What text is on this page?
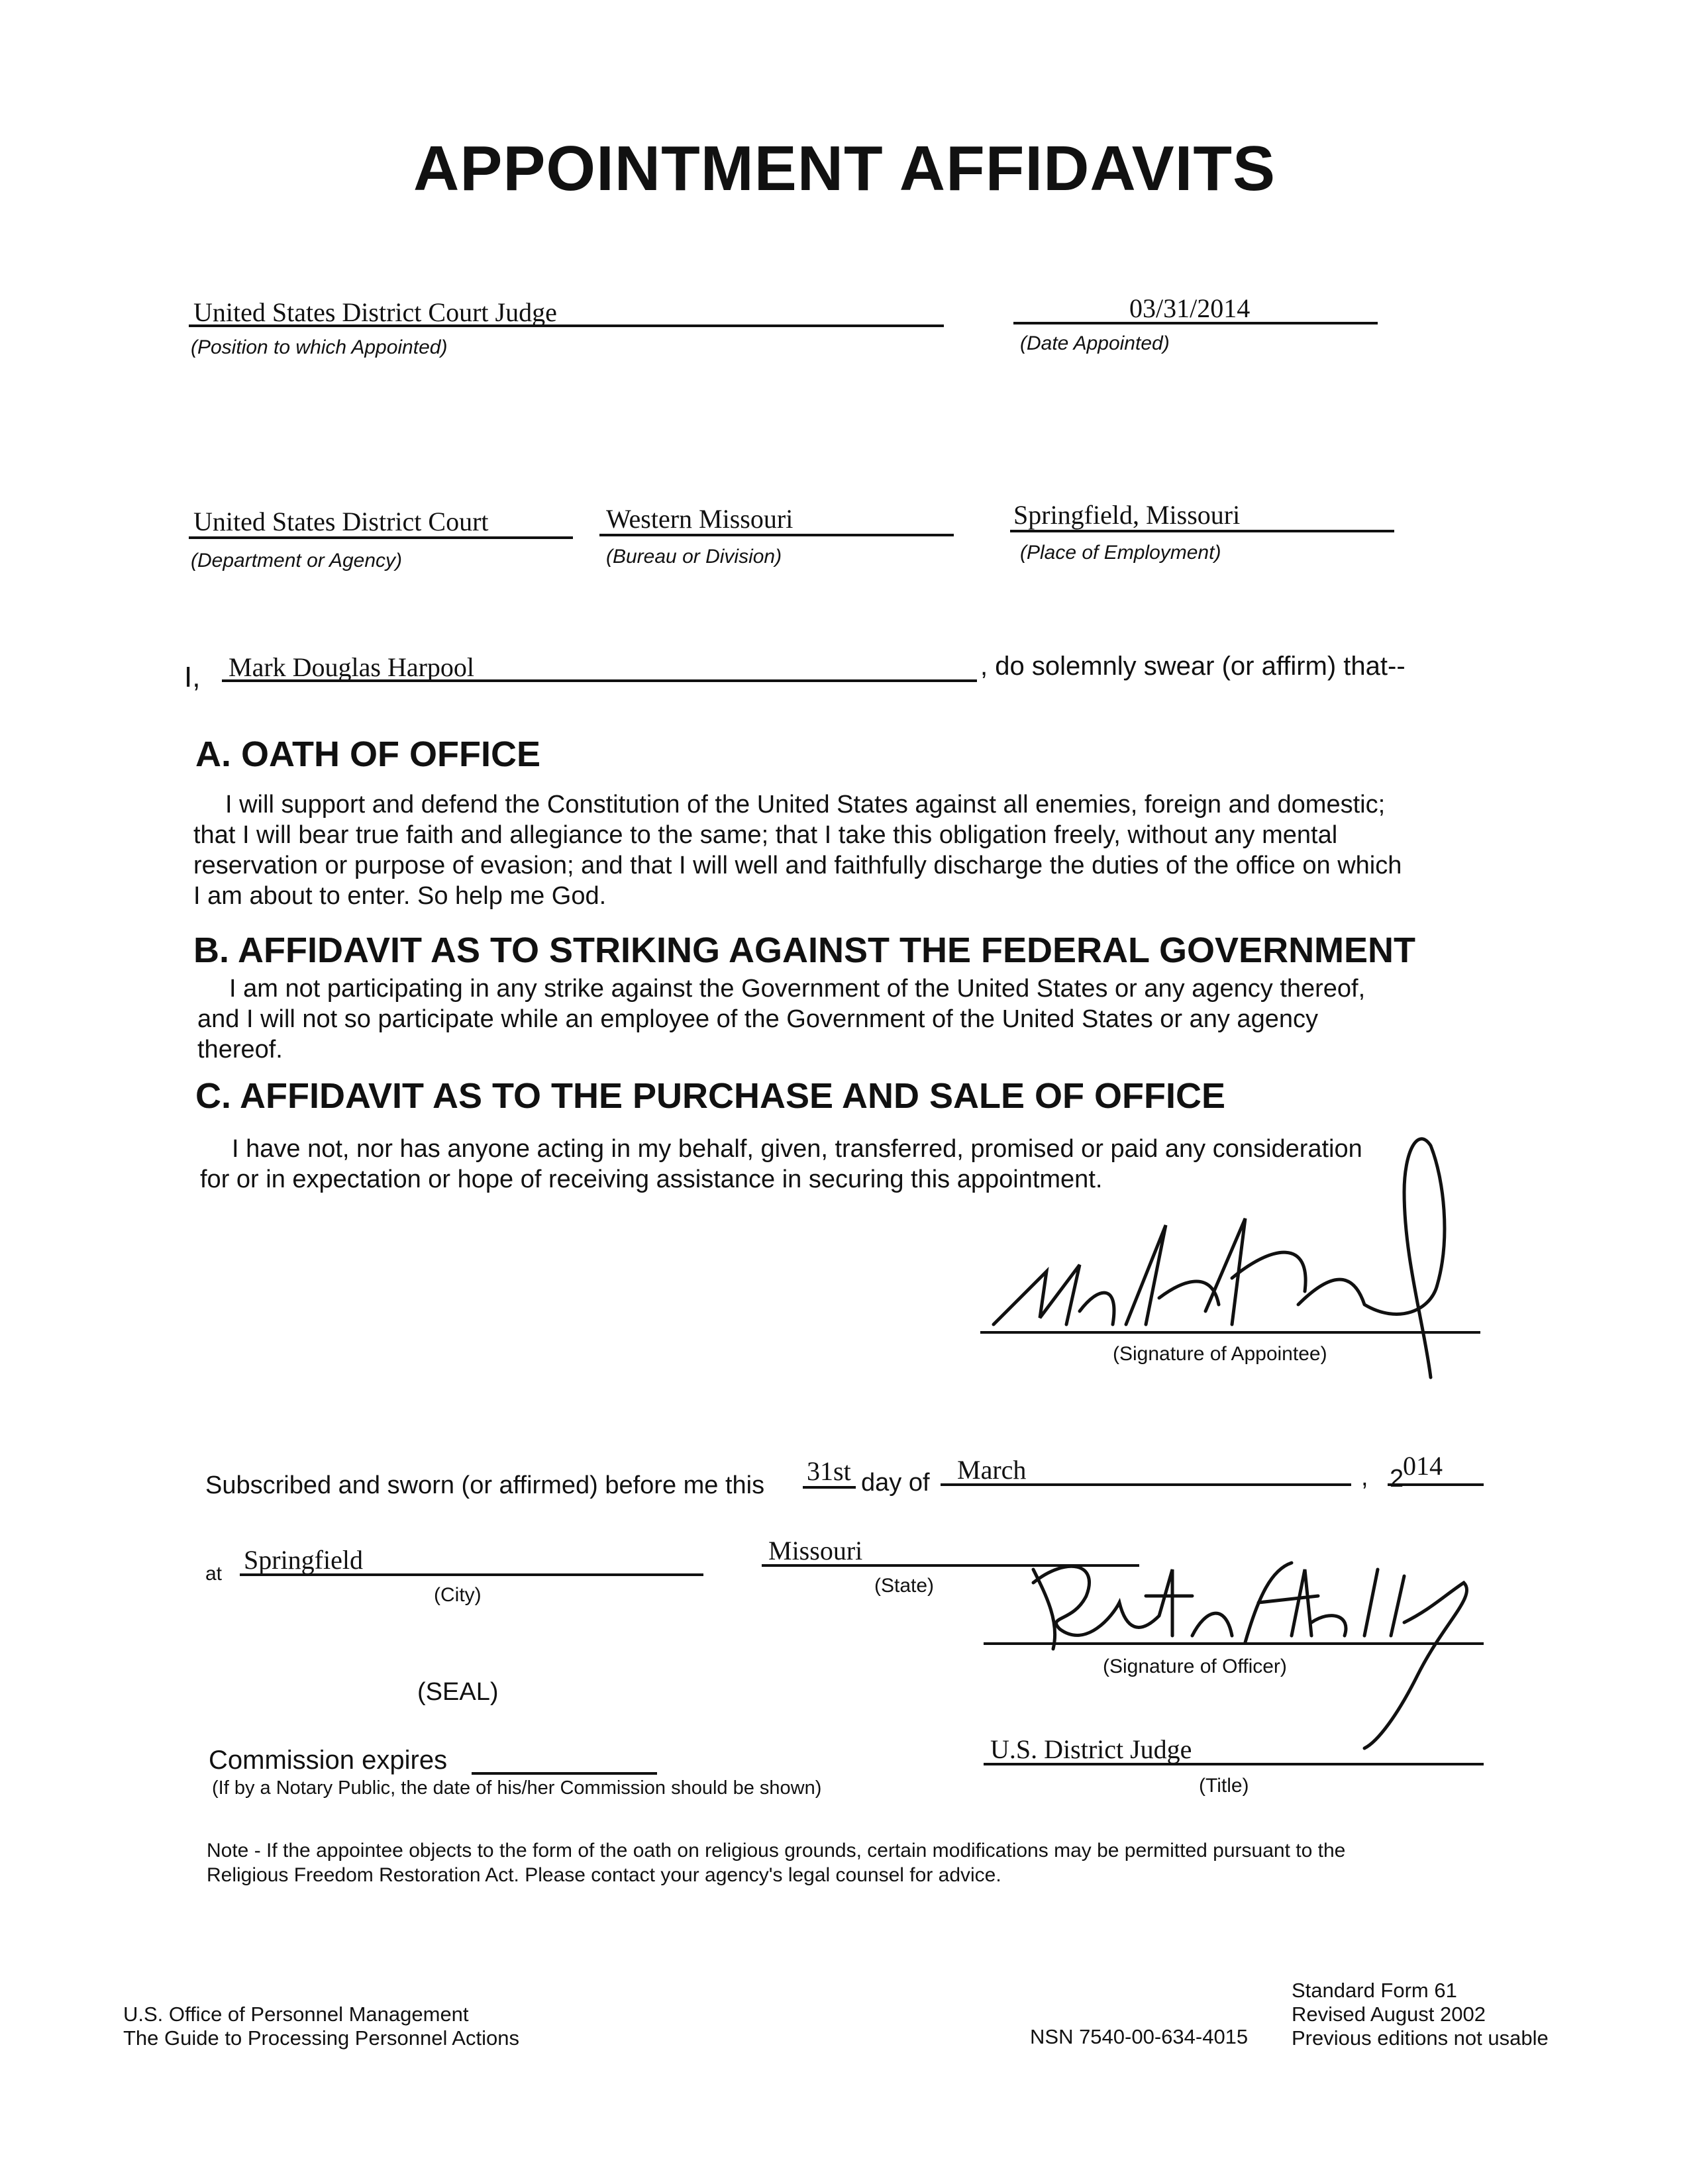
APPOINTMENT AFFIDAVITS
United States District Court Judge
(Position to which Appointed)
03/31/2014
(Date Appointed)
United States District Court
(Department or Agency)
Western Missouri
(Bureau or Division)
Springfield, Missouri
(Place of Employment)
I, Mark Douglas Harpool	, do solemnly swear (or affirm) that--
A. OATH OF OFFICE
I will support and defend the Constitution of the United States against all enemies, foreign and domestic;
that I will bear true faith and allegiance to the same; that I take this obligation freely, without any mental
reservation or purpose of evasion; and that I will well and faithfully discharge the duties of the office on which
I am about to enter. So help me God.
B. AFFIDAVIT AS TO STRIKING AGAINST THE FEDERAL GOVERNMENT
I am not participating in any strike against the Government of the United States or any agency thereof,
and I will not so participate while an employee of the Government of the United States or any agency
thereof.
C. AFFIDAVIT AS TO THE PURCHASE AND SALE OF OFFICE
I have not, nor has anyone acting in my behalf, given, transferred, promised or paid any consideration
for or in expectation or hope of receiving assistance in securing this appointment.
(Signature of Appointee)
Subscribed and sworn (or affirmed) before me this 31st day of March	, 2
014
at Springfield
(City)
Missouri
(State)
(Signature of Officer)
(SEAL)
Commission expires
(If by a Notary Public, the date of his/her Commission should be shown)
U.S. District Judge
(Title)
Note - If the appointee objects to the form of the oath on religious grounds, certain modifications may be permitted pursuant to the
Religious Freedom Restoration Act. Please contact your agency's legal counsel for advice.
U.S. Office of Personnel Management
The Guide to Processing Personnel Actions	NSN 7540-00-634-4015
Standard Form 61
Revised August 2002
Previous editions not usable
